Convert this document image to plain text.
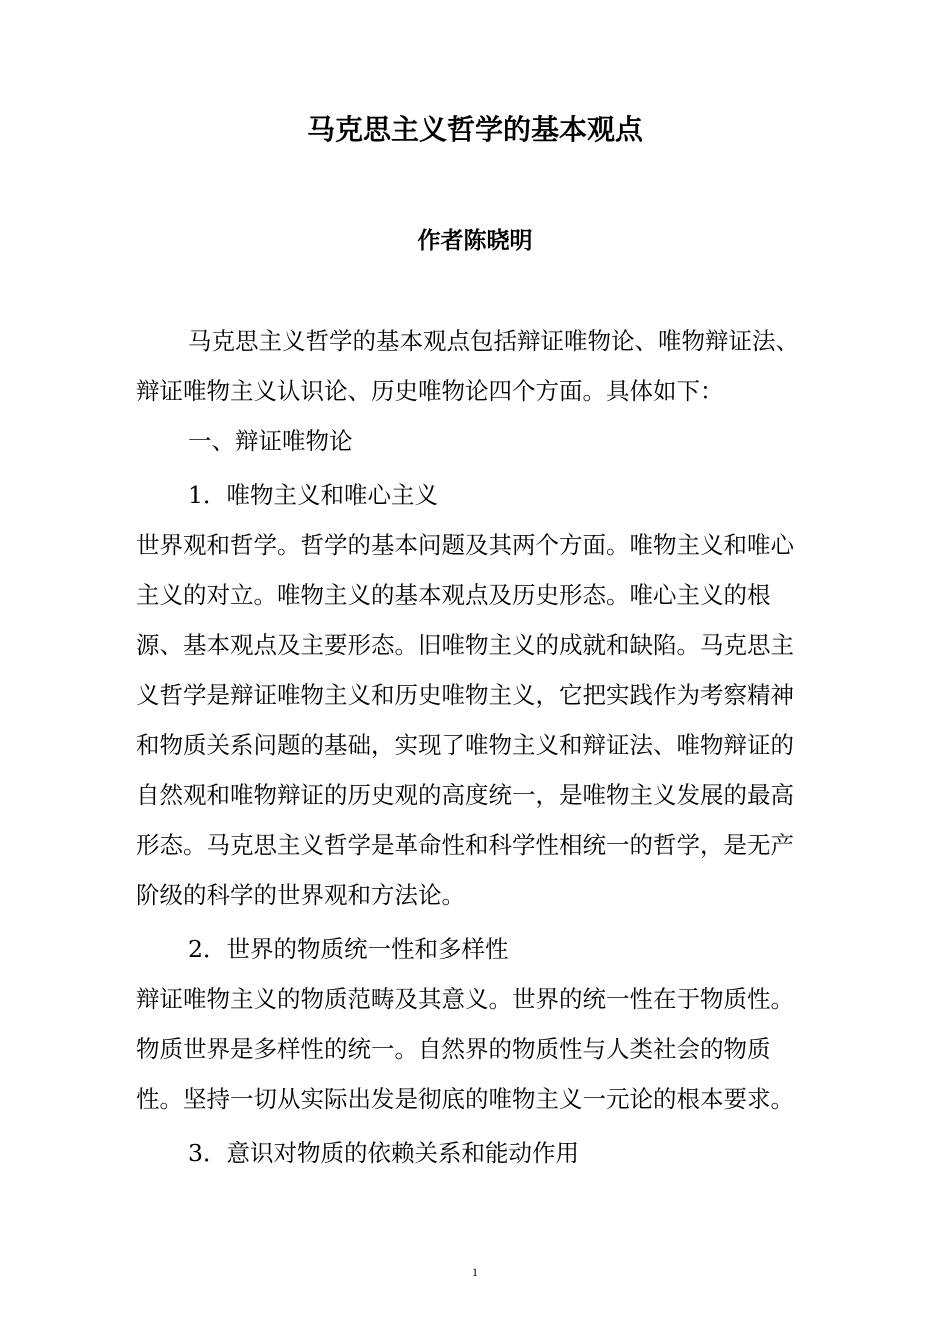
马克思主义哲学的基本观点
作者陈晓明

马克思主义哲学的基本观点包括辩证唯物论、唯物辩证法、辩证唯物主义认识论、历史唯物论四个方面。具体如下：

一、辩证唯物论

1．唯物主义和唯心主义

世界观和哲学。哲学的基本问题及其两个方面。唯物主义和唯心主义的对立。唯物主义的基本观点及历史形态。唯心主义的根源、基本观点及主要形态。旧唯物主义的成就和缺陷。马克思主义哲学是辩证唯物主义和历史唯物主义，它把实践作为考察精神和物质关系问题的基础，实现了唯物主义和辩证法、唯物辩证的自然观和唯物辩证的历史观的高度统一，是唯物主义发展的最高形态。马克思主义哲学是革命性和科学性相统一的哲学，是无产阶级的科学的世界观和方法论。

2．世界的物质统一性和多样性

辩证唯物主义的物质范畴及其意义。世界的统一性在于物质性。物质世界是多样性的统一。自然界的物质性与人类社会的物质性。坚持一切从实际出发是彻底的唯物主义一元论的根本要求。

3．意识对物质的依赖关系和能动作用

1
